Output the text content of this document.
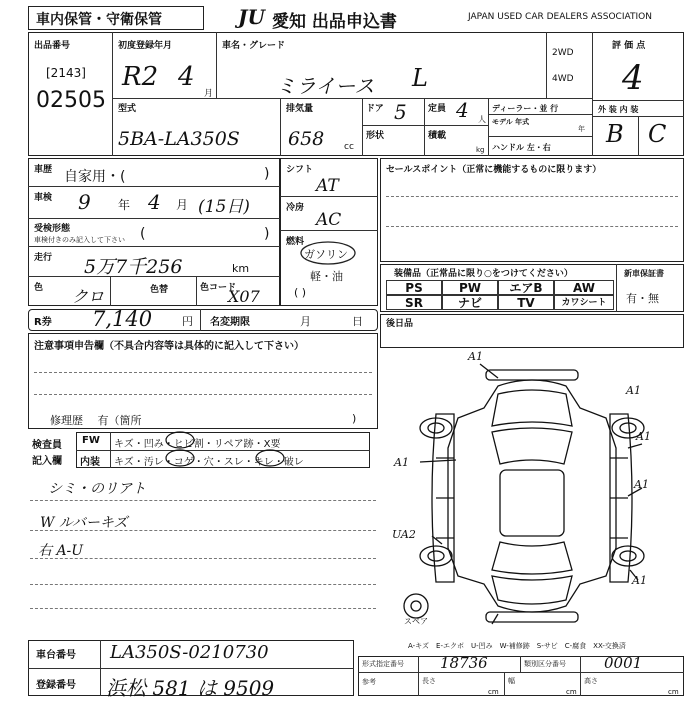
車内保管・守衛保管	JU 愛知 出品申込書	JAPAN USED CAR DEALERS ASSOCIATION
出品番号
[2143]
02505
初度登録年月
R2 4
月
車名・グレード
ミライース L
2WD
4WD
型式
5BA-LA350S
排気量
658 cc
ドア 5 定員 4 人
形状	積載
kg
ディーラー・並 行
モデル 年式
年
ハンドル 左・右
評 価 点
4
外 装 内 装
B C
車歴 自家用・(	)
車検 9 年 4 月 (15日)
受検形態
車検付きのみ記入して下さい (	)
走行 5万7千256	km
色 クロ	色替	色コード
X07
R券 7,140	円 名変期限	月	日
シフト
AT
冷房
AC
燃料
ガソリン
軽・油
( )
セールスポイント（正常に機能するものに限ります）
装備品（正常品に限り○をつけてください）
PS	PW	エアB	AW
SR	ナビ	TV	カワシート
新車保証書
有・無
後日品
注意事項申告欄（不具合内容等は具体的に記入して下さい）
修理歴　 有（箇所	)
検査員
記入欄
FW キズ・凹み・ヒビ割・リペア跡・X要
内装 キズ・汚レ・コゲ・穴・スレ・キレ・破レ
シミ・のリアト
W ルバーキズ
右 A-U
A1
A1
A1
A1
A1
UA2
A1
スペア
A-キズ　E-エクボ　U-凹み　W-補修跡　S-サビ　C-腐食　XX-交換済
車台番号 LA350S-0210730
登録番号 浜松 581 は 9509
形式指定番号 18736	類別区分番号	0001
参考	長さ
cm
幅
cm
高さ
cm
